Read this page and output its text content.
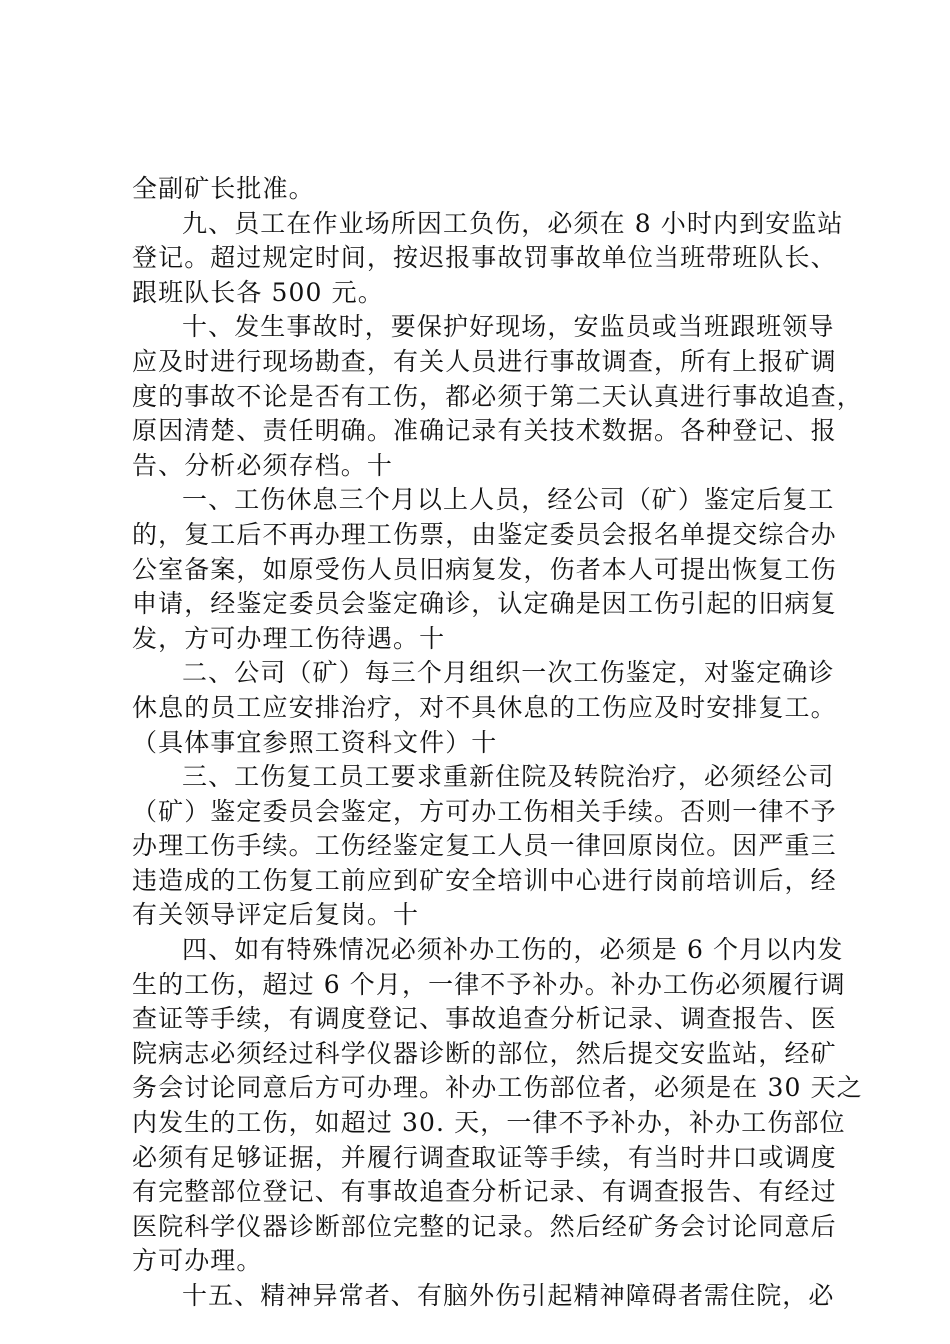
全副矿长批准。
九、员工在作业场所因工负伤，必须在 8 小时内到安监站
登记。超过规定时间，按迟报事故罚事故单位当班带班队长、
跟班队长各 500 元。
十、发生事故时，要保护好现场，安监员或当班跟班领导
应及时进行现场勘查，有关人员进行事故调查，所有上报矿调
度的事故不论是否有工伤，都必须于第二天认真进行事故追查，
原因清楚、责任明确。准确记录有关技术数据。各种登记、报
告、分析必须存档。十
一、工伤休息三个月以上人员，经公司（矿）鉴定后复工
的，复工后不再办理工伤票，由鉴定委员会报名单提交综合办
公室备案，如原受伤人员旧病复发，伤者本人可提出恢复工伤
申请，经鉴定委员会鉴定确诊，认定确是因工伤引起的旧病复
发，方可办理工伤待遇。十
二、公司（矿）每三个月组织一次工伤鉴定，对鉴定确诊
休息的员工应安排治疗，对不具休息的工伤应及时安排复工。
（具体事宜参照工资科文件）十
三、工伤复工员工要求重新住院及转院治疗，必须经公司
（矿）鉴定委员会鉴定，方可办工伤相关手续。否则一律不予
办理工伤手续。工伤经鉴定复工人员一律回原岗位。因严重三
违造成的工伤复工前应到矿安全培训中心进行岗前培训后，经
有关领导评定后复岗。十
四、如有特殊情况必须补办工伤的，必须是 6 个月以内发
生的工伤，超过 6 个月，一律不予补办。补办工伤必须履行调
查证等手续，有调度登记、事故追查分析记录、调查报告、医
院病志必须经过科学仪器诊断的部位，然后提交安监站，经矿
务会讨论同意后方可办理。补办工伤部位者，必须是在 30 天之
内发生的工伤，如超过 30. 天，一律不予补办，补办工伤部位
必须有足够证据，并履行调查取证等手续，有当时井口或调度
有完整部位登记、有事故追查分析记录、有调查报告、有经过
医院科学仪器诊断部位完整的记录。然后经矿务会讨论同意后
方可办理。
十五、精神异常者、有脑外伤引起精神障碍者需住院，必
